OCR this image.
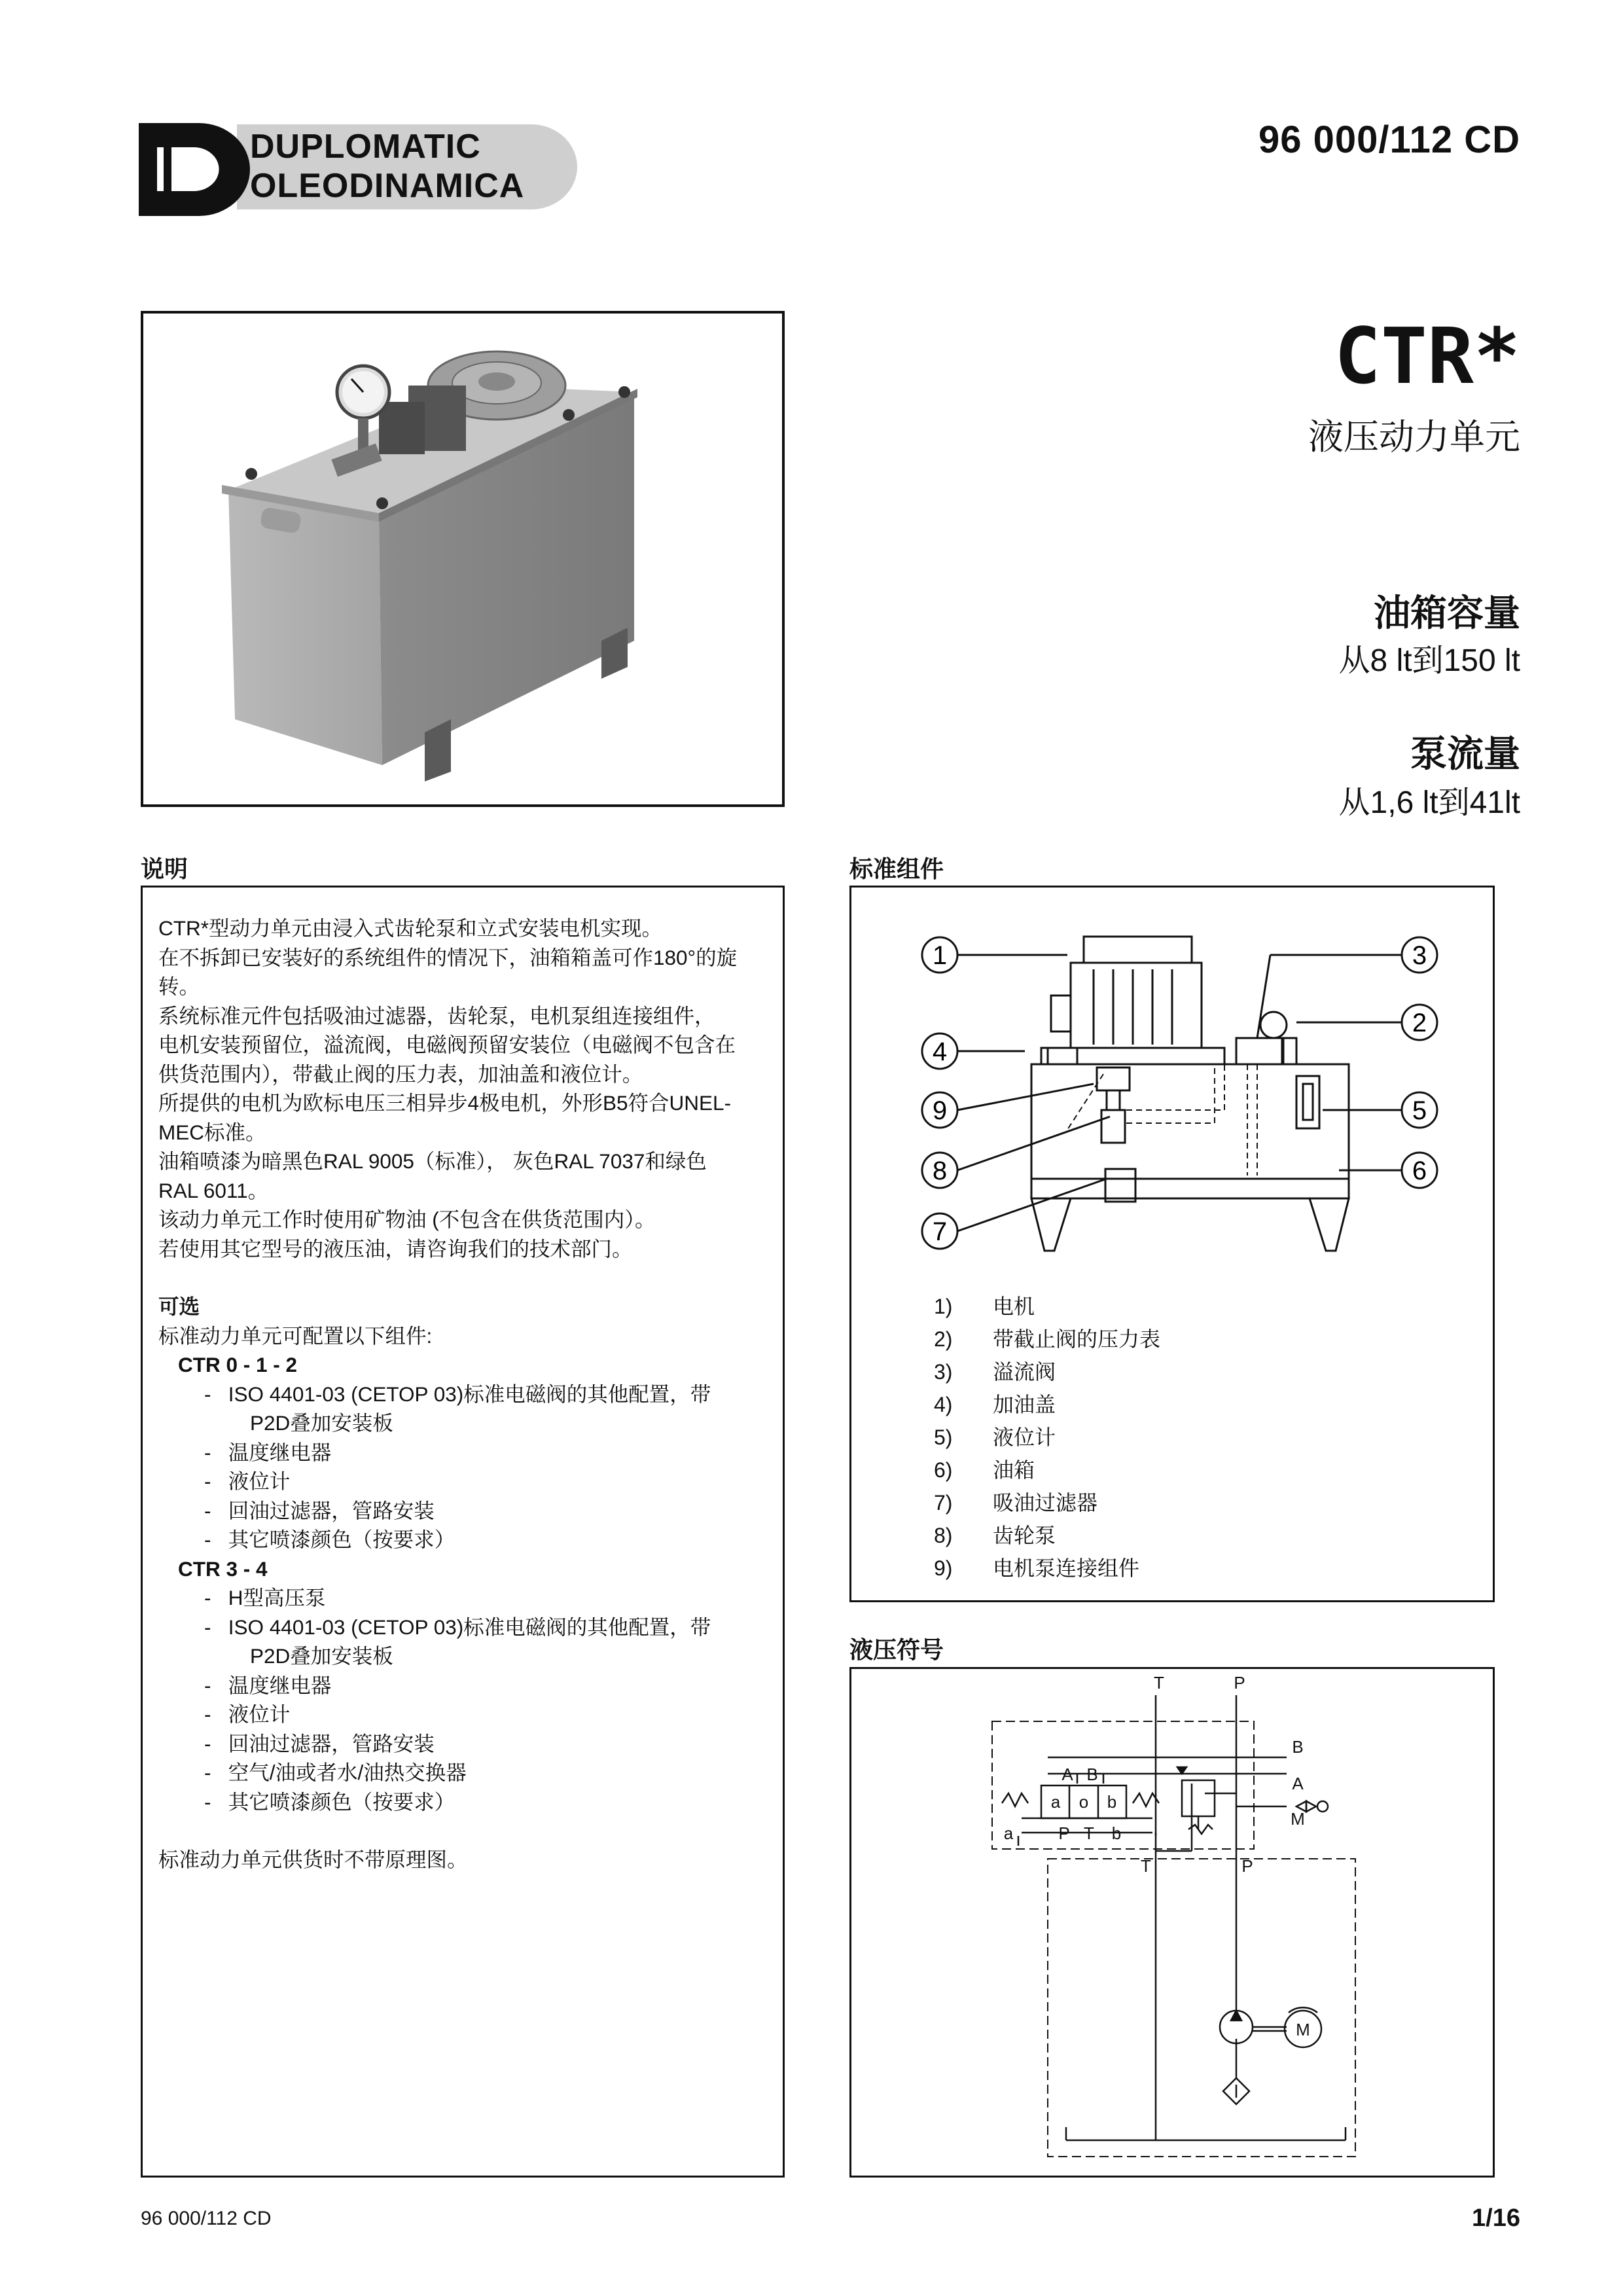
DUPLOMATIC
OLEODINAMICA
96 000/112 CD
CTR*
液压动力单元
油箱容量
从8 lt到150 lt
泵流量
从1,6 lt到41lt
说明

CTR*型动力单元由浸入式齿轮泵和立式安装电机实现。

在不拆卸已安装好的系统组件的情况下，油箱箱盖可作180°的旋

转。

系统标准元件包括吸油过滤器，齿轮泵，电机泵组连接组件，

电机安装预留位，溢流阀，电磁阀预留安装位（电磁阀不包含在

供货范围内），带截止阀的压力表，加油盖和液位计。

所提供的电机为欧标电压三相异步4极电机，外形B5符合UNEL-

MEC标准。

油箱喷漆为暗黑色RAL 9005（标准）， 灰色RAL 7037和绿色

RAL 6011。

该动力单元工作时使用矿物油 (不包含在供货范围内）。

若使用其它型号的液压油，请咨询我们的技术部门。

可选

标准动力单元可配置以下组件:

CTR 0 - 1 - 2

- ISO 4401-03 (CETOP 03)标准电磁阀的其他配置，带

P2D叠加安装板

- 温度继电器

- 液位计

- 回油过滤器，管路安装

- 其它喷漆颜色（按要求）

CTR 3 - 4

- H型高压泵

- ISO 4401-03 (CETOP 03)标准电磁阀的其他配置，带

P2D叠加安装板

- 温度继电器

- 液位计

- 回油过滤器，管路安装

- 空气/油或者水/油热交换器

- 其它喷漆颜色（按要求）

标准动力单元供货时不带原理图。

标准组件
1	3
2
4
5
9
8	6
7
1) 电机
2) 带截止阀的压力表
3) 溢流阀
4) 加油盖
5) 液位计
6) 油箱
7) 吸油过滤器
8) 齿轮泵
9) 电机泵连接组件
液压符号
T	P
B
A
M
A B
a o b
a	P T b
T	P
M
96 000/112 CD	1/16
